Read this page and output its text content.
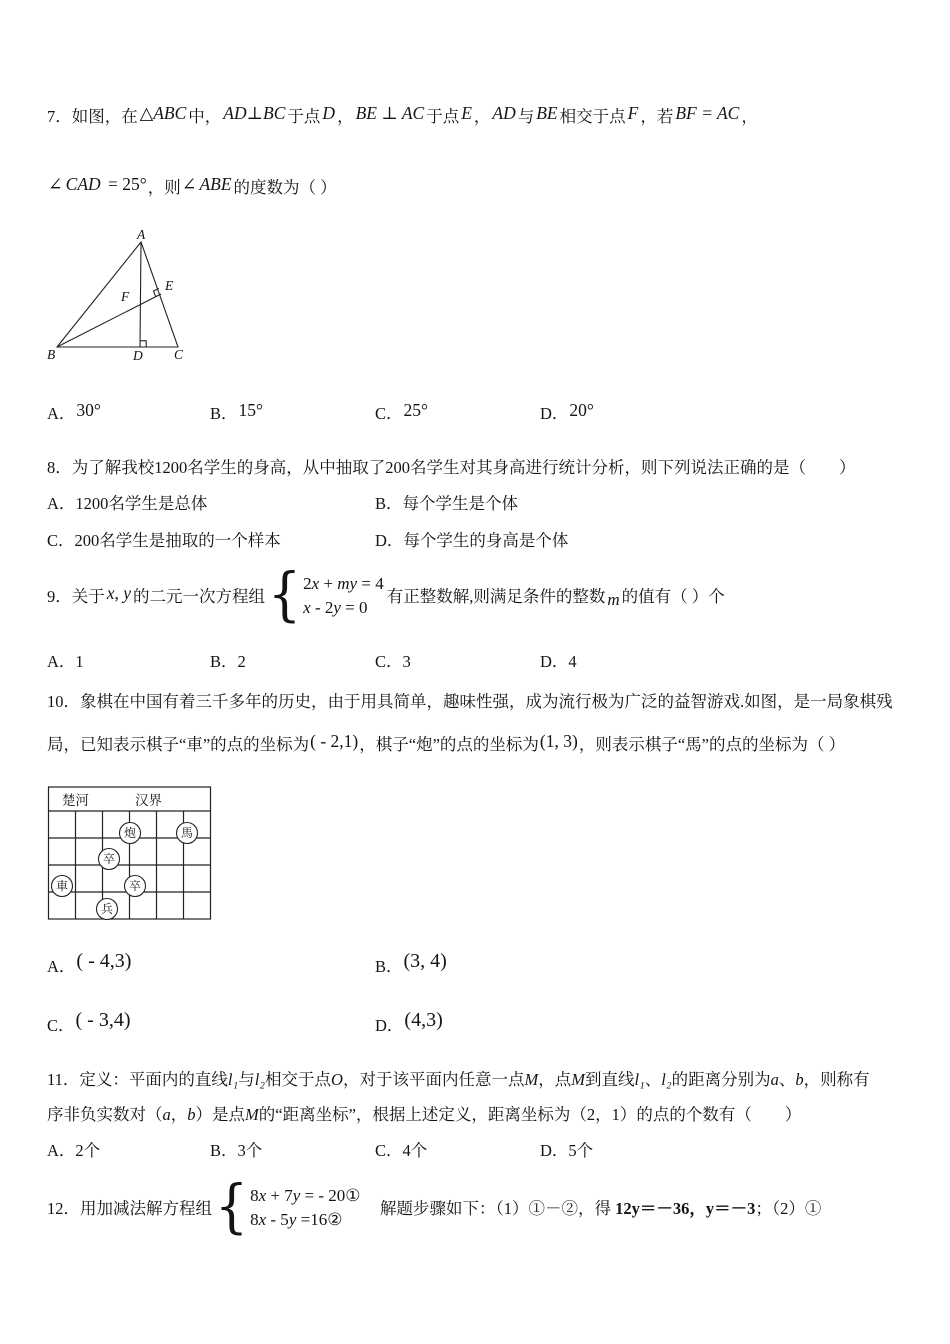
7．如图，在 △ABC 中， AD⊥BC 于点 D ， BE ⊥ AC 于点 E ， AD 与 BE 相交于点 F ，若 BF = AC ，

∠ CAD = 25°，则∠ ABE 的度数为（ ）

A
B	C
D
E
F
A．30°	B．15°	C．25°	D．20°

8．为了解我校1200名学生的身高，从中抽取了200名学生对其身高进行统计分析，则下列说法正确的是（　　）

A．1200名学生是总体	B．每个学生是个体
C．200名学生是抽取的一个样本	D．每个学生的身高是个体
9．关于 x, y 的二元一次方程组
{
2x + my = 4
x - 2y = 0
有正整数解,则满足条件的整数 m 的值有（ ）个
A．1	B．2	C．3	D．4

10．象棋在中国有着三千多年的历史，由于用具简单，趣味性强，成为流行极为广泛的益智游戏.如图，是一局象棋残

局，已知表示棋子“車”的点的坐标为( - 2,1)，棋子“炮”的点的坐标为(1, 3)，则表示棋子“馬”的点的坐标为（ ）

楚河	汉界
炮	馬
卒
車	卒
兵
A．( - 4,3)	B．(3, 4)
C．( - 3,4)	D．(4,3)

11．定义：平面内的直线l₁与l₂相交于点O，对于该平面内任意一点M，点M到直线l₁、l₂的距离分别为a、b，则称有

序非负实数对（a，b）是点M的“距离坐标”，根据上述定义，距离坐标为（2，1）的点的个数有（　　）

A．2个	B．3个	C．4个	D．5个
12．用加减法解方程组
{
8x + 7y = - 20①
8x - 5y =16②
　解题步骤如下：（1）①－②，得 12y＝－36，y＝－3；（2）①
